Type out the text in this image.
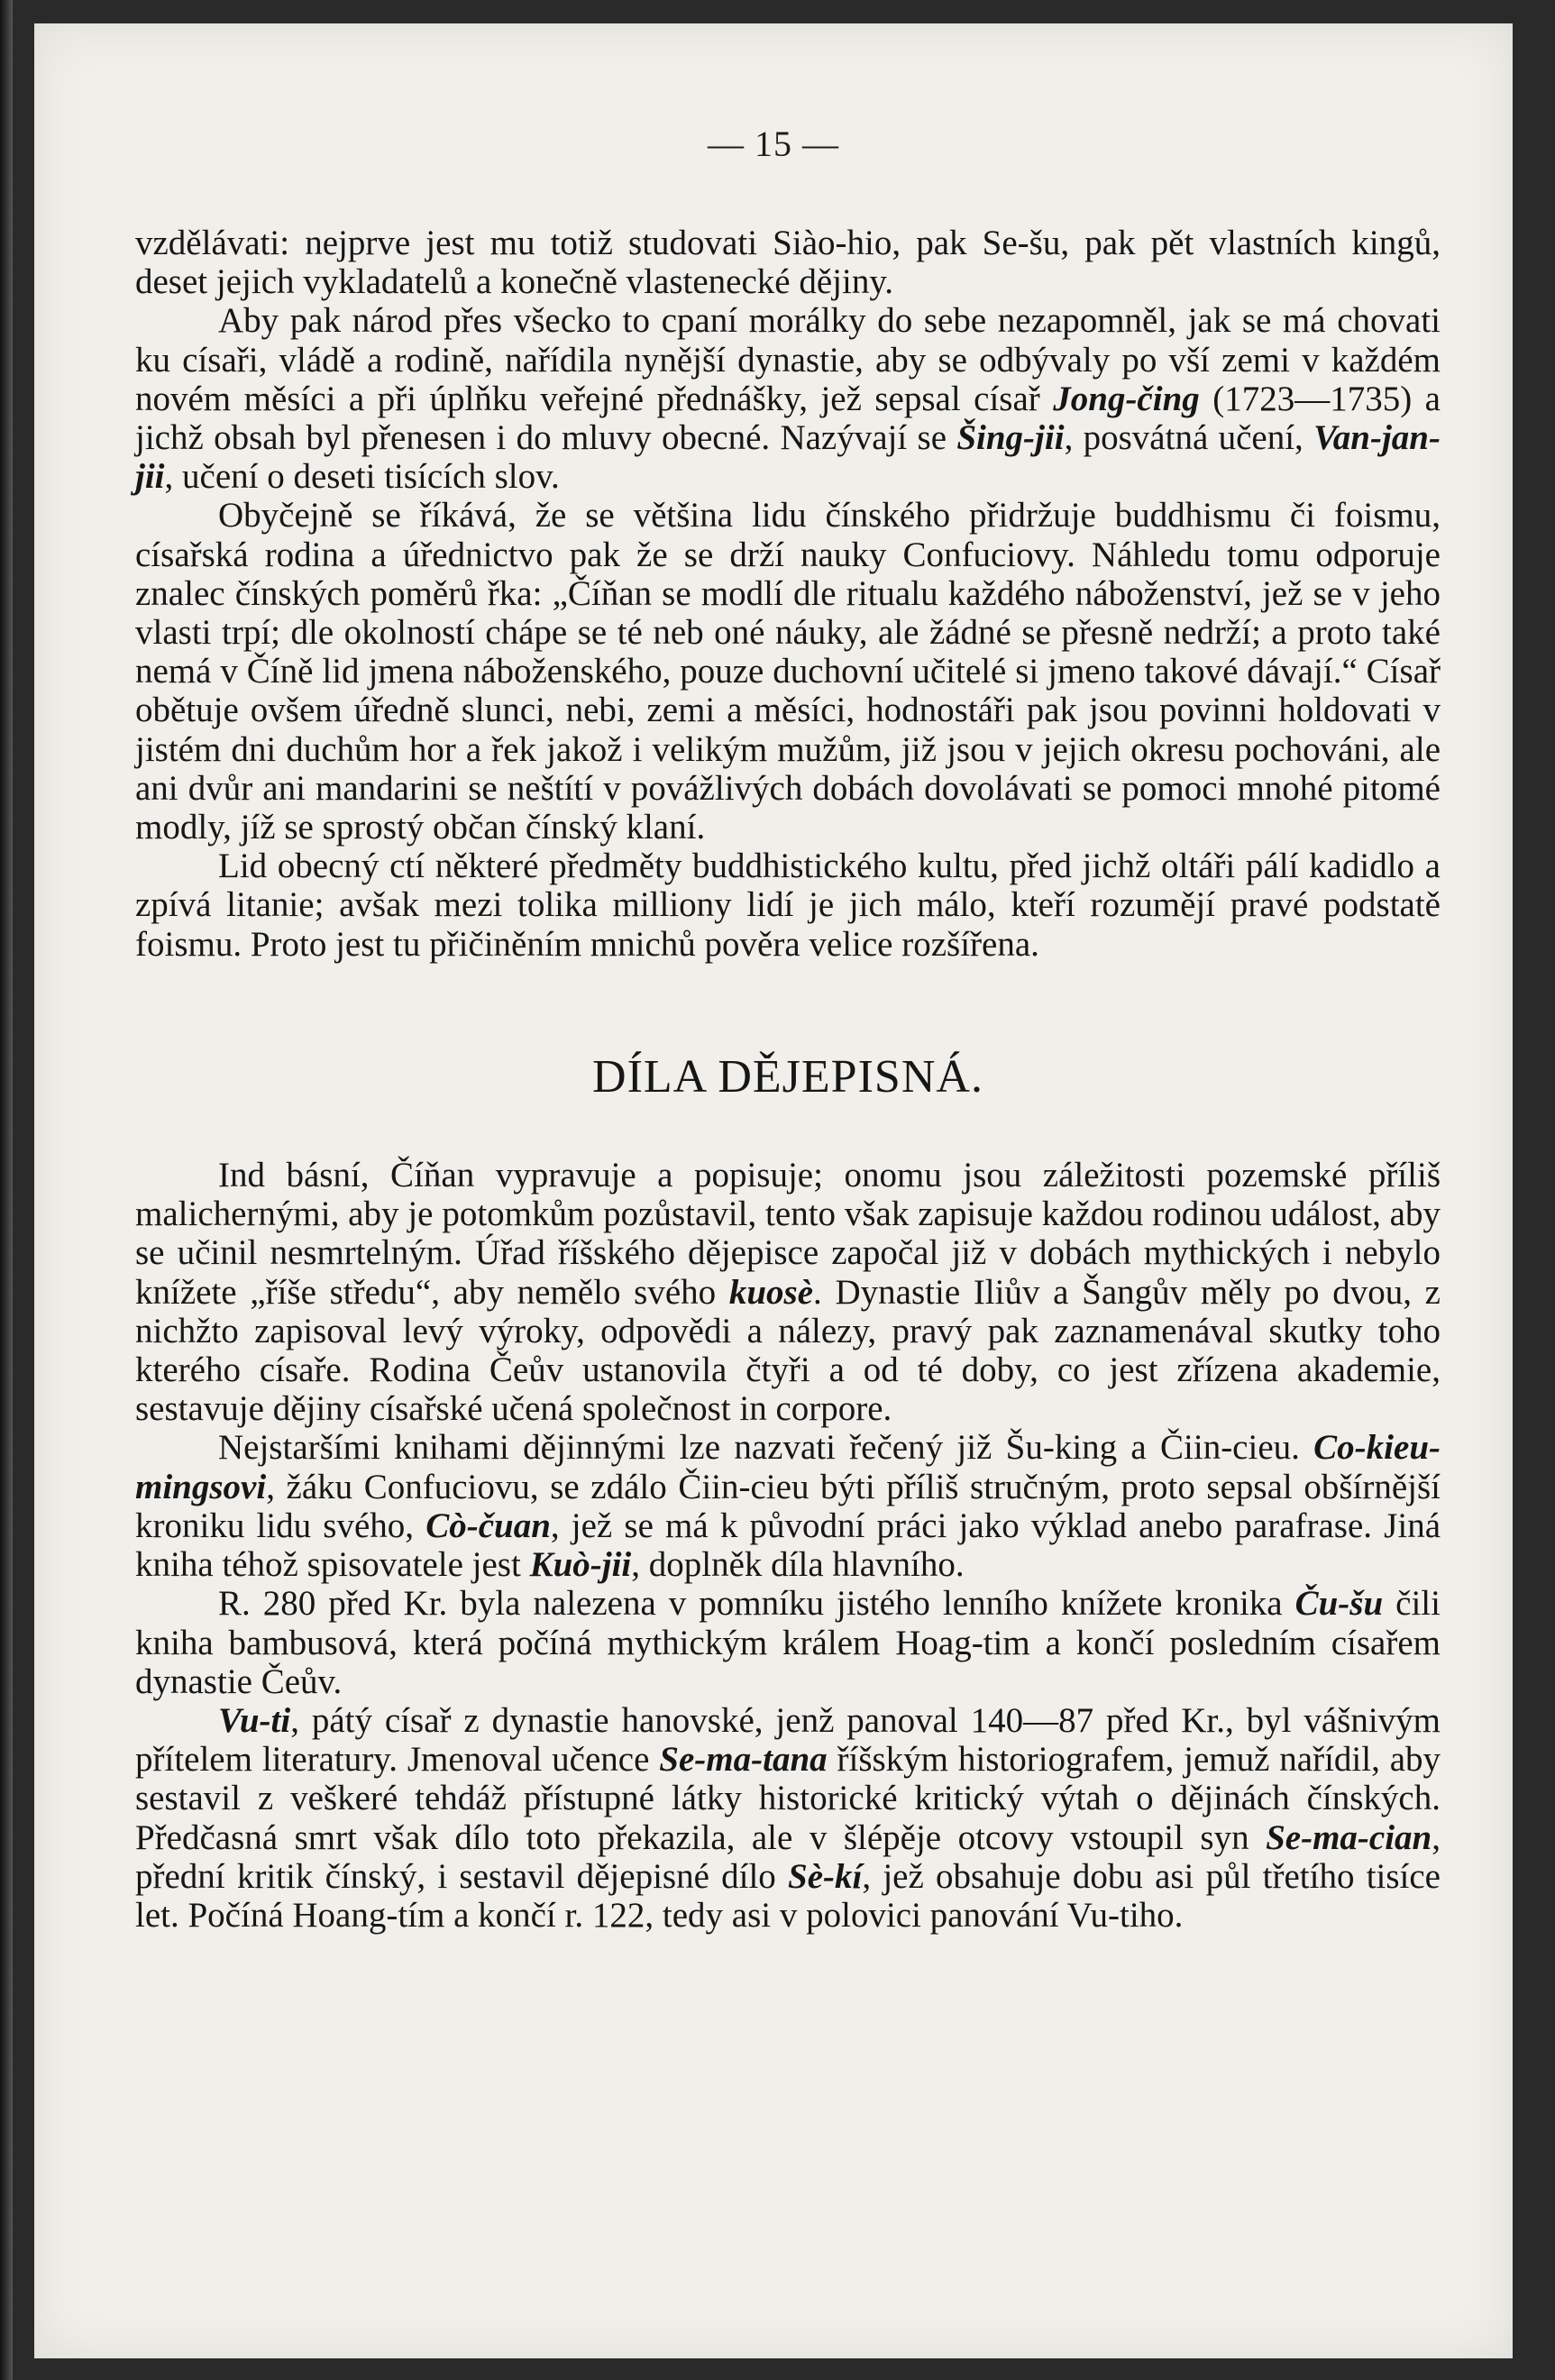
— 15 —

vzdělávati: nejprve jest mu totiž studovati Siào-hio, pak Se-šu, pak pět vlastních kingů, deset jejich vykladatelů a konečně vlastenecké dějiny.

Aby pak národ přes všecko to cpaní morálky do sebe nezapomněl, jak se má chovati ku císaři, vládě a rodině, nařídila nynější dynastie, aby se odbývaly po vší zemi v každém novém měsíci a při úplňku veřejné přednášky, jež sepsal císař Jong-čing (1723—1735) a jichž obsah byl přenesen i do mluvy obecné. Nazývají se Šing-jii, posvátná učení, Van-jan-jii, učení o deseti tisících slov.

Obyčejně se říkává, že se většina lidu čínského přidržuje buddhismu či foismu, císařská rodina a úřednictvo pak že se drží nauky Confuciovy. Náhledu tomu odporuje znalec čínských poměrů řka: „Číňan se modlí dle ritualu každého náboženství, jež se v jeho vlasti trpí; dle okolností chápe se té neb oné náuky, ale žádné se přesně nedrží; a proto také nemá v Číně lid jmena náboženského, pouze duchovní učitelé si jmeno takové dávají.“ Císař obětuje ovšem úředně slunci, nebi, zemi a měsíci, hodnostáři pak jsou povinni holdovati v jistém dni duchům hor a řek jakož i velikým mužům, již jsou v jejich okresu pochováni, ale ani dvůr ani mandarini se neštítí v povážlivých dobách dovolávati se pomoci mnohé pitomé modly, jíž se sprostý občan čínský klaní.

Lid obecný ctí některé předměty buddhistického kultu, před jichž oltáři pálí kadidlo a zpívá litanie; avšak mezi tolika milliony lidí je jich málo, kteří rozumějí pravé podstatě foismu. Proto jest tu přičiněním mnichů pověra velice rozšířena.

DÍLA DĚJEPISNÁ.

Ind básní, Číňan vypravuje a popisuje; onomu jsou záležitosti pozemské příliš malichernými, aby je potomkům pozůstavil, tento však zapisuje každou rodinou událost, aby se učinil nesmrtelným. Úřad říšského dějepisce započal již v dobách mythických i nebylo knížete „říše středu“, aby nemělo svého kuosè. Dynastie Iliův a Šangův měly po dvou, z nichžto zapisoval levý výroky, odpovědi a nálezy, pravý pak zaznamenával skutky toho kterého císaře. Rodina Čeův ustanovila čtyři a od té doby, co jest zřízena akademie, sestavuje dějiny císařské učená společnost in corpore.

Nejstaršími knihami dějinnými lze nazvati řečený již Šu-king a Čiin-cieu. Co-kieu-mingsovi, žáku Confuciovu, se zdálo Čiin-cieu býti příliš stručným, proto sepsal obšírnější kroniku lidu svého, Cò-čuan, jež se má k původní práci jako výklad anebo parafrase. Jiná kniha téhož spisovatele jest Kuò-jii, doplněk díla hlavního.

R. 280 před Kr. byla nalezena v pomníku jistého lenního knížete kronika Ču-šu čili kniha bambusová, která počíná mythickým králem Hoag-tim a končí posledním císařem dynastie Čeův.

Vu-ti, pátý císař z dynastie hanovské, jenž panoval 140—87 před Kr., byl vášnivým přítelem literatury. Jmenoval učence Se-ma-tana říšským historiografem, jemuž nařídil, aby sestavil z veškeré tehdáž přístupné látky historické kritický výtah o dějinách čínských. Předčasná smrt však dílo toto překazila, ale v šlépěje otcovy vstoupil syn Se-ma-cian, přední kritik čínský, i sestavil dějepisné dílo Sè-kí, jež obsahuje dobu asi půl třetího tisíce let. Počíná Hoang-tím a končí r. 122, tedy asi v polovici panování Vu-tiho.
